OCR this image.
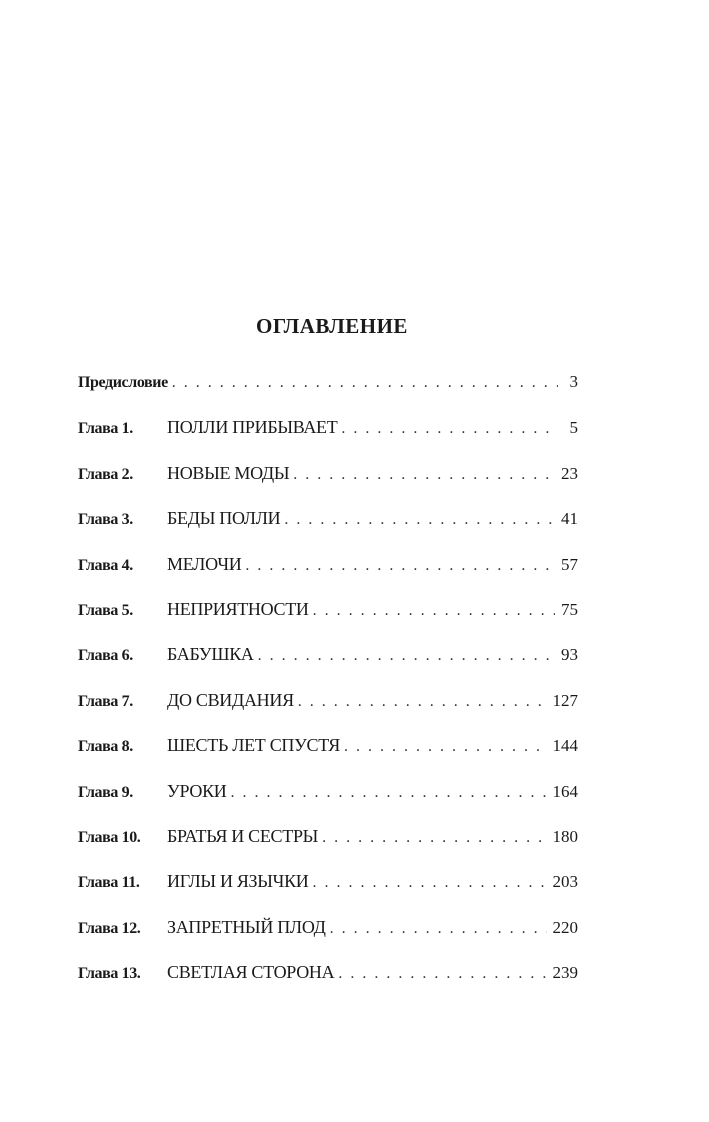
ОГЛАВЛЕНИЕ
Предисловие . . .	3
Глава 1.	ПОЛЛИ ПРИБЫВАЕТ . . .	5
Глава 2.	НОВЫЕ МОДЫ . . .	23
Глава 3.	БЕДЫ ПОЛЛИ . . .	41
Глава 4.	МЕЛОЧИ . . .	57
Глава 5.	НЕПРИЯТНОСТИ . . .	75
Глава 6.	БАБУШКА . . .	93
Глава 7.	ДО СВИДАНИЯ . . .	127
Глава 8.	ШЕСТЬ ЛЕТ СПУСТЯ . . .	144
Глава 9.	УРОКИ . . .	164
Глава 10.	БРАТЬЯ И СЕСТРЫ . . .	180
Глава 11.	ИГЛЫ И ЯЗЫЧКИ . . .	203
Глава 12.	ЗАПРЕТНЫЙ ПЛОД . . .	220
Глава 13.	СВЕТЛАЯ СТОРОНА . . .	239
